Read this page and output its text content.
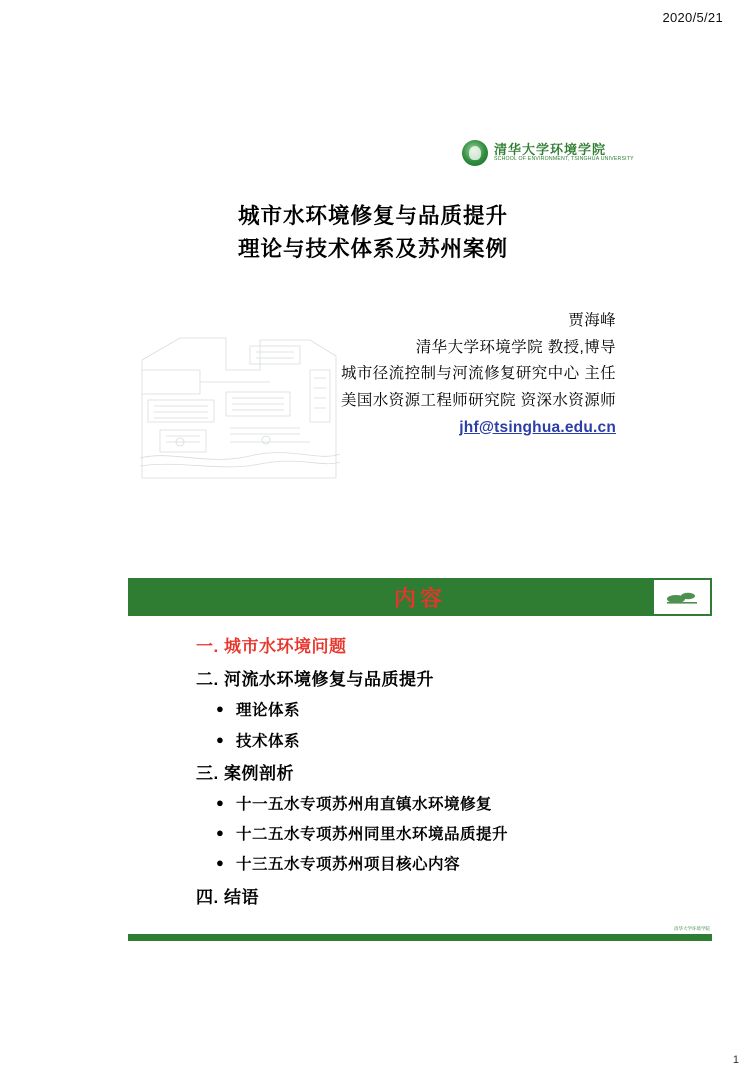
2020/5/21
清华大学环境学院
SCHOOL OF ENVIRONMENT, TSINGHUA UNIVERSITY
城市水环境修复与品质提升
理论与技术体系及苏州案例
贾海峰
清华大学环境学院 教授,博导
城市径流控制与河流修复研究中心 主任
美国水资源工程师研究院 资深水资源师
jhf@tsinghua.edu.cn
内容
一. 城市水环境问题
二. 河流水环境修复与品质提升
● 理论体系
● 技术体系
三. 案例剖析
● 十一五水专项苏州甪直镇水环境修复
● 十二五水专项苏州同里水环境品质提升
● 十三五水专项苏州项目核心内容
四. 结语
清华大学环境学院
1
